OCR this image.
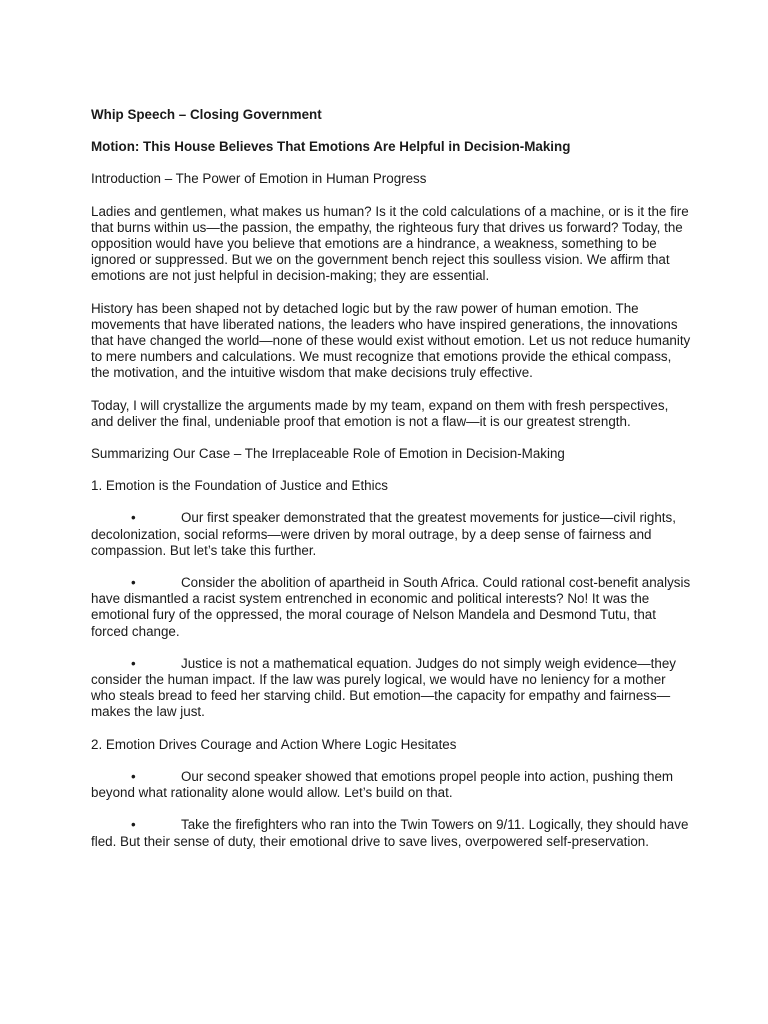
Whip Speech – Closing Government

Motion: This House Believes That Emotions Are Helpful in Decision-Making

Introduction – The Power of Emotion in Human Progress

Ladies and gentlemen, what makes us human? Is it the cold calculations of a machine, or is it the fire that burns within us—the passion, the empathy, the righteous fury that drives us forward? Today, the opposition would have you believe that emotions are a hindrance, a weakness, something to be ignored or suppressed. But we on the government bench reject this soulless vision. We affirm that emotions are not just helpful in decision-making; they are essential.

History has been shaped not by detached logic but by the raw power of human emotion. The movements that have liberated nations, the leaders who have inspired generations, the innovations that have changed the world—none of these would exist without emotion. Let us not reduce humanity to mere numbers and calculations. We must recognize that emotions provide the ethical compass, the motivation, and the intuitive wisdom that make decisions truly effective.

Today, I will crystallize the arguments made by my team, expand on them with fresh perspectives, and deliver the final, undeniable proof that emotion is not a flaw—it is our greatest strength.

Summarizing Our Case – The Irreplaceable Role of Emotion in Decision-Making

1. Emotion is the Foundation of Justice and Ethics

•	Our first speaker demonstrated that the greatest movements for justice—civil rights, decolonization, social reforms—were driven by moral outrage, by a deep sense of fairness and compassion. But let’s take this further.

•	Consider the abolition of apartheid in South Africa. Could rational cost-benefit analysis have dismantled a racist system entrenched in economic and political interests? No! It was the emotional fury of the oppressed, the moral courage of Nelson Mandela and Desmond Tutu, that forced change.

•	Justice is not a mathematical equation. Judges do not simply weigh evidence—they consider the human impact. If the law was purely logical, we would have no leniency for a mother who steals bread to feed her starving child. But emotion—the capacity for empathy and fairness—makes the law just.

2. Emotion Drives Courage and Action Where Logic Hesitates

•	Our second speaker showed that emotions propel people into action, pushing them beyond what rationality alone would allow. Let’s build on that.

•	Take the firefighters who ran into the Twin Towers on 9/11. Logically, they should have fled. But their sense of duty, their emotional drive to save lives, overpowered self-preservation.
